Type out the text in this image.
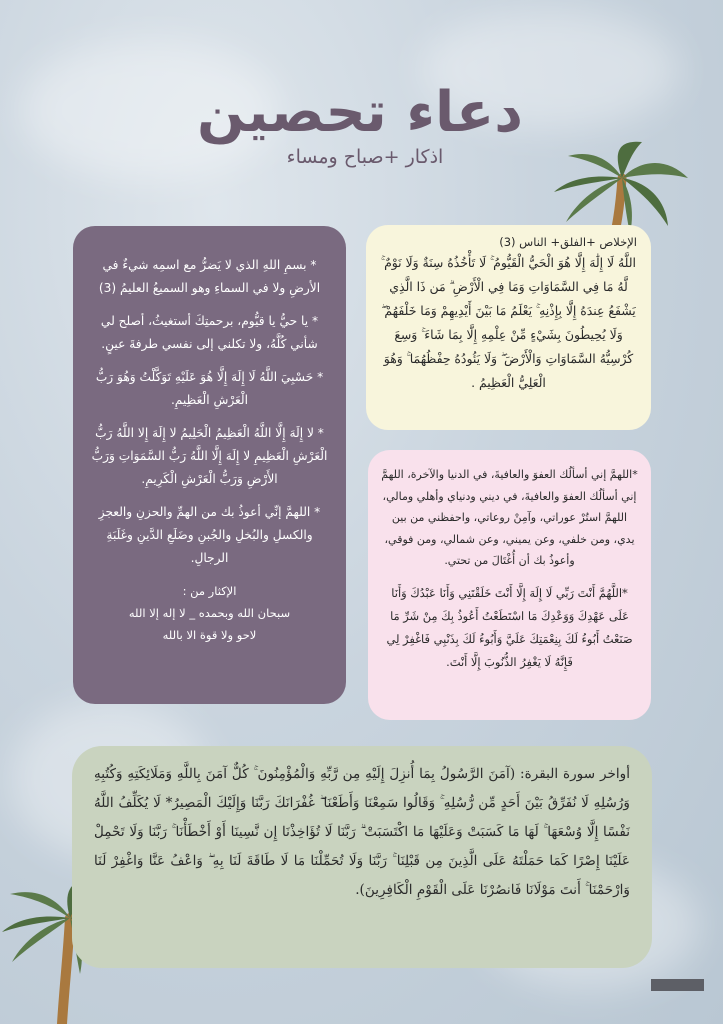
دعاء تحصين
اذكار +صباح ومساء

* بسمِ اللهِ الذي لا يَضرُّ مع اسمِه شيءٌ في الأرضِ ولا في السماءِ وهو السميعُ العليمُ (3)

* يا حيُّ يا قيُّوم، برحمتِكَ أستغيثُ، أصلح لي شأني كُلَّهُ، ولا تكلني إلى نفسي طرفةَ عينٍ.

* حَسْبِيَ اللَّهُ لَا إِلَهَ إِلَّا هُوَ عَلَيْهِ تَوَكَّلْتُ وَهُوَ رَبُّ الْعَرْشِ الْعَظِيمِ.

* لا إِلَهَ إِلَّا اللَّهُ الْعَظِيمُ الْحَلِيمُ لا إِلَهَ إِلا اللَّهُ رَبُّ الْعَرْشِ الْعَظِيمِ لا إِلَهَ إِلَّا اللَّهُ رَبُّ السَّمَوَاتِ وَرَبُّ الأَرْضِ وَرَبُّ الْعَرْشِ الْكَرِيمِ.

* اللهمَّ إنِّي أعوذُ بك من الهمِّ والحزنِ والعجزِ والكسلِ والبُخلِ والجُبنِ وضَلَعِ الدَّينِ وغَلَبَةِ الرجالِ.

الإكثار من :
سبحان الله وبحمده _ لا إله إلا الله
لاحو ولا قوة الا بالله
الإخلاص +الفلق+ الناس (3)
اللَّهُ لَا إِلَٰهَ إِلَّا هُوَ الْحَيُّ الْقَيُّومُ ۚ لَا تَأْخُذُهُ سِنَةٌ وَلَا نَوْمٌ ۚ لَّهُ مَا فِي السَّمَاوَاتِ وَمَا فِي الْأَرْضِ ۗ مَن ذَا الَّذِي يَشْفَعُ عِندَهُ إِلَّا بِإِذْنِهِ ۚ يَعْلَمُ مَا بَيْنَ أَيْدِيهِمْ وَمَا خَلْفَهُمْ ۖ وَلَا يُحِيطُونَ بِشَيْءٍ مِّنْ عِلْمِهِ إِلَّا بِمَا شَاءَ ۚ وَسِعَ كُرْسِيُّهُ السَّمَاوَاتِ وَالْأَرْضَ ۖ وَلَا يَئُودُهُ حِفْظُهُمَا ۚ وَهُوَ الْعَلِيُّ الْعَظِيمُ .

*اللهمَّ إني أسألُك العفوَ والعافيةَ، في الدنيا والآخرة، اللهمَّ إني أسألُك العفوَ والعافيةَ، في ديني ودنياي وأهلي ومالي، اللهمَّ استُرْ عوراتي، وآمِنْ روعاتي، واحفظني من بين يدي، ومن خلفي، وعن يميني، وعن شمالي، ومن فوقي، وأعوذُ بك أن أُغْتَالَ من تحتي.

*اللَّهُمَّ أَنْتَ رَبِّي لَا إِلَهَ إِلَّا أَنْتَ خَلَقْتَنِي وَأَنَا عَبْدُكَ وَأَنَا عَلَى عَهْدِكَ وَوَعْدِكَ مَا اسْتَطَعْتُ أَعُوذُ بِكَ مِنْ شَرِّ مَا صَنَعْتُ أَبُوءُ لَكَ بِنِعْمَتِكَ عَلَيَّ وَأَبُوءُ لَكَ بِذَنْبِي فَاغْفِرْ لِي فَإِنَّهُ لَا يَغْفِرُ الذُّنُوبَ إِلَّا أَنْتَ.

أواخر سورة البقرة: (آمَنَ الرَّسُولُ بِمَا أُنزِلَ إِلَيْهِ مِن رَّبِّهِ وَالْمُؤْمِنُونَ ۚ كُلٌّ آمَنَ بِاللَّهِ وَمَلَائِكَتِهِ وَكُتُبِهِ وَرُسُلِهِ لَا نُفَرِّقُ بَيْنَ أَحَدٍ مِّن رُّسُلِهِ ۚ وَقَالُوا سَمِعْنَا وَأَطَعْنَا ۖ غُفْرَانَكَ رَبَّنَا وَإِلَيْكَ الْمَصِيرُ* لَا يُكَلِّفُ اللَّهُ نَفْسًا إِلَّا وُسْعَهَا ۚ لَهَا مَا كَسَبَتْ وَعَلَيْهَا مَا اكْتَسَبَتْ ۗ رَبَّنَا لَا تُؤَاخِذْنَا إِن نَّسِينَا أَوْ أَخْطَأْنَا ۚ رَبَّنَا وَلَا تَحْمِلْ عَلَيْنَا إِصْرًا كَمَا حَمَلْتَهُ عَلَى الَّذِينَ مِن قَبْلِنَا ۚ رَبَّنَا وَلَا تُحَمِّلْنَا مَا لَا طَاقَةَ لَنَا بِهِ ۖ وَاعْفُ عَنَّا وَاغْفِرْ لَنَا وَارْحَمْنَا ۚ أَنتَ مَوْلَانَا فَانصُرْنَا عَلَى الْقَوْمِ الْكَافِرِينَ).
